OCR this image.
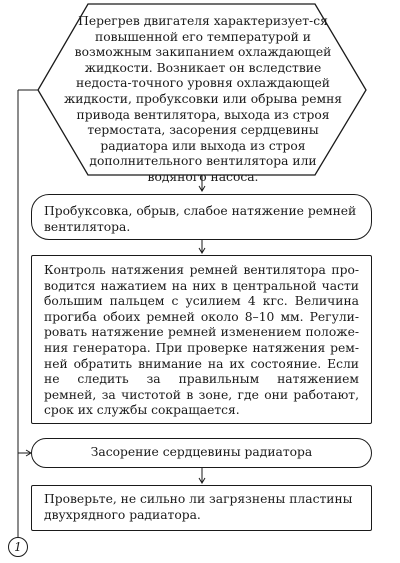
Перегрев двигателя характеризует-ся повышенной его температурой и возможным закипанием охлаждающей жидкости. Возникает он вследствие недоста-точного уровня охлаждающей жидкости, пробуксовки или обрыва ремня привода вентилятора, выхода из строя термостата, засорения сердцевины радиатора или выхода из строя дополнительного вентилятора или водяного насоса.
Пробуксовка, обрыв, слабое натяжение ремней вентилятора.
Контроль натяжения ремней вентилятора про-водится нажатием на них в центральной части большим пальцем с усилием 4 кгс. Величина прогиба обоих ремней около 8–10 мм. Регули-ровать натяжение ремней изменением положе-ния генератора. При проверке натяжения рем-ней обратить внимание на их состояние. Если не следить за правильным натяжением ремней, за чистотой в зоне, где они работают, срок их службы сокращается.
Засорение сердцевины радиатора
Проверьте, не сильно ли загрязнены пластины двухрядного радиатора.
1
